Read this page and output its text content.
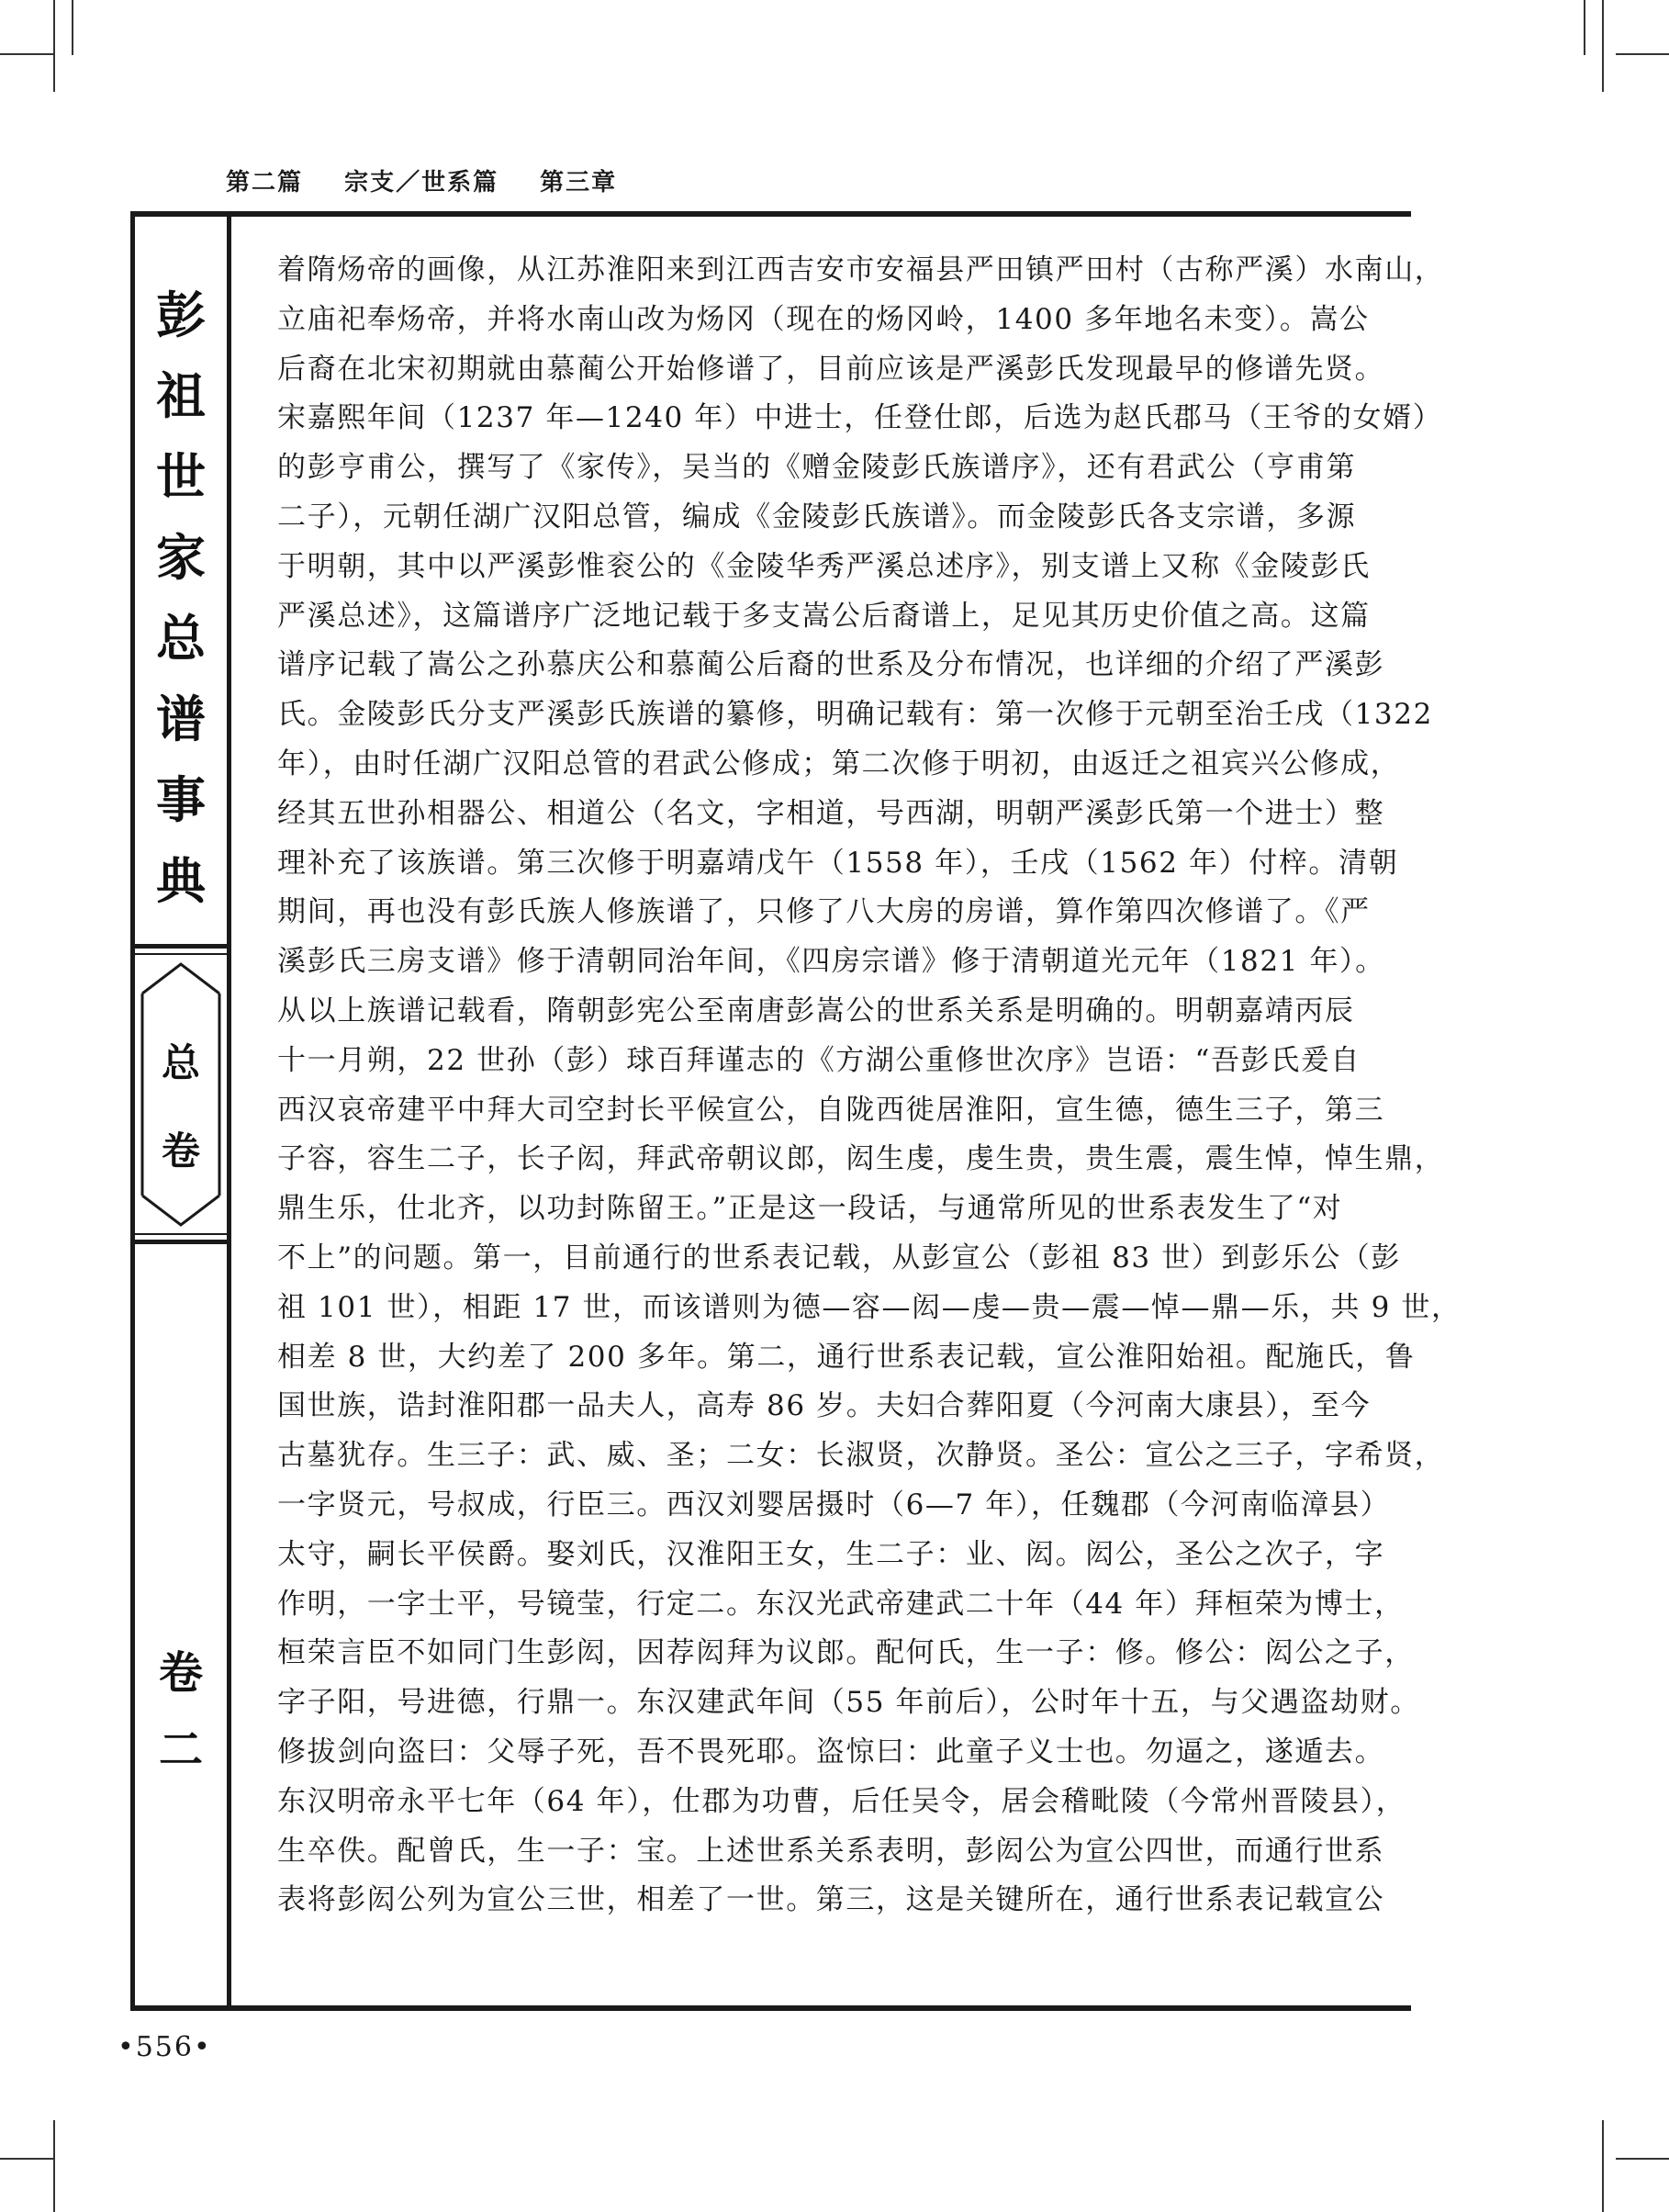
第二篇 宗支／世系篇 第三章
彭
祖
世
家
总
谱
事
典
总
卷
卷
二

着隋炀帝的画像，从江苏淮阳来到江西吉安市安福县严田镇严田村（古称严溪）水南山，

立庙祀奉炀帝，并将水南山改为炀冈（现在的炀冈岭，1400 多年地名未变）。嵩公

后裔在北宋初期就由慕蔺公开始修谱了，目前应该是严溪彭氏发现最早的修谱先贤。

宋嘉熙年间（1237 年—1240 年）中进士，任登仕郎，后选为赵氏郡马（王爷的女婿）

的彭亨甫公，撰写了《家传》，吴当的《赠金陵彭氏族谱序》，还有君武公（亨甫第

二子），元朝任湖广汉阳总管，编成《金陵彭氏族谱》。而金陵彭氏各支宗谱，多源

于明朝，其中以严溪彭惟衮公的《金陵华秀严溪总述序》，别支谱上又称《金陵彭氏

严溪总述》，这篇谱序广泛地记载于多支嵩公后裔谱上，足见其历史价值之高。这篇

谱序记载了嵩公之孙慕庆公和慕蔺公后裔的世系及分布情况，也详细的介绍了严溪彭

氏。金陵彭氏分支严溪彭氏族谱的纂修，明确记载有：第一次修于元朝至治壬戌（1322

年），由时任湖广汉阳总管的君武公修成；第二次修于明初，由返迁之祖宾兴公修成，

经其五世孙相器公、相道公（名文，字相道，号西湖，明朝严溪彭氏第一个进士）整

理补充了该族谱。第三次修于明嘉靖戊午（1558 年），壬戌（1562 年）付梓。清朝

期间，再也没有彭氏族人修族谱了，只修了八大房的房谱，算作第四次修谱了。《严

溪彭氏三房支谱》修于清朝同治年间，《四房宗谱》修于清朝道光元年（1821 年）。

从以上族谱记载看，隋朝彭宪公至南唐彭嵩公的世系关系是明确的。明朝嘉靖丙辰

十一月朔，22 世孙（彭）球百拜谨志的《方湖公重修世次序》岂语：“吾彭氏爰自

西汉哀帝建平中拜大司空封长平候宣公，自陇西徙居淮阳，宣生德，德生三子，第三

子容，容生二子，长子闳，拜武帝朝议郎，闳生虔，虔生贵，贵生震，震生悼，悼生鼎，

鼎生乐，仕北齐，以功封陈留王。”正是这一段话，与通常所见的世系表发生了“对

不上”的问题。第一，目前通行的世系表记载，从彭宣公（彭祖 83 世）到彭乐公（彭

祖 101 世），相距 17 世，而该谱则为德—容—闳—虔—贵—震—悼—鼎—乐，共 9 世，

相差 8 世，大约差了 200 多年。第二，通行世系表记载，宣公淮阳始祖。配施氏，鲁

国世族，诰封淮阳郡一品夫人，高寿 86 岁。夫妇合葬阳夏（今河南大康县），至今

古墓犹存。生三子：武、威、圣；二女：长淑贤，次静贤。圣公：宣公之三子，字希贤，

一字贤元，号叔成，行臣三。西汉刘婴居摄时（6—7 年），任魏郡（今河南临漳县）

太守，嗣长平侯爵。娶刘氏，汉淮阳王女，生二子：业、闳。闳公，圣公之次子，字

作明，一字士平，号镜莹，行定二。东汉光武帝建武二十年（44 年）拜桓荣为博士，

桓荣言臣不如同门生彭闳，因荐闳拜为议郎。配何氏，生一子：修。修公：闳公之子，

字子阳，号进德，行鼎一。东汉建武年间（55 年前后），公时年十五，与父遇盗劫财。

修拔剑向盗曰：父辱子死，吾不畏死耶。盗惊曰：此童子义士也。勿逼之，遂遁去。

东汉明帝永平七年（64 年），仕郡为功曹，后任吴令，居会稽毗陵（今常州晋陵县），

生卒佚。配曾氏，生一子：宝。上述世系关系表明，彭闳公为宣公四世，而通行世系

表将彭闳公列为宣公三世，相差了一世。第三，这是关键所在，通行世系表记载宣公

•556•
